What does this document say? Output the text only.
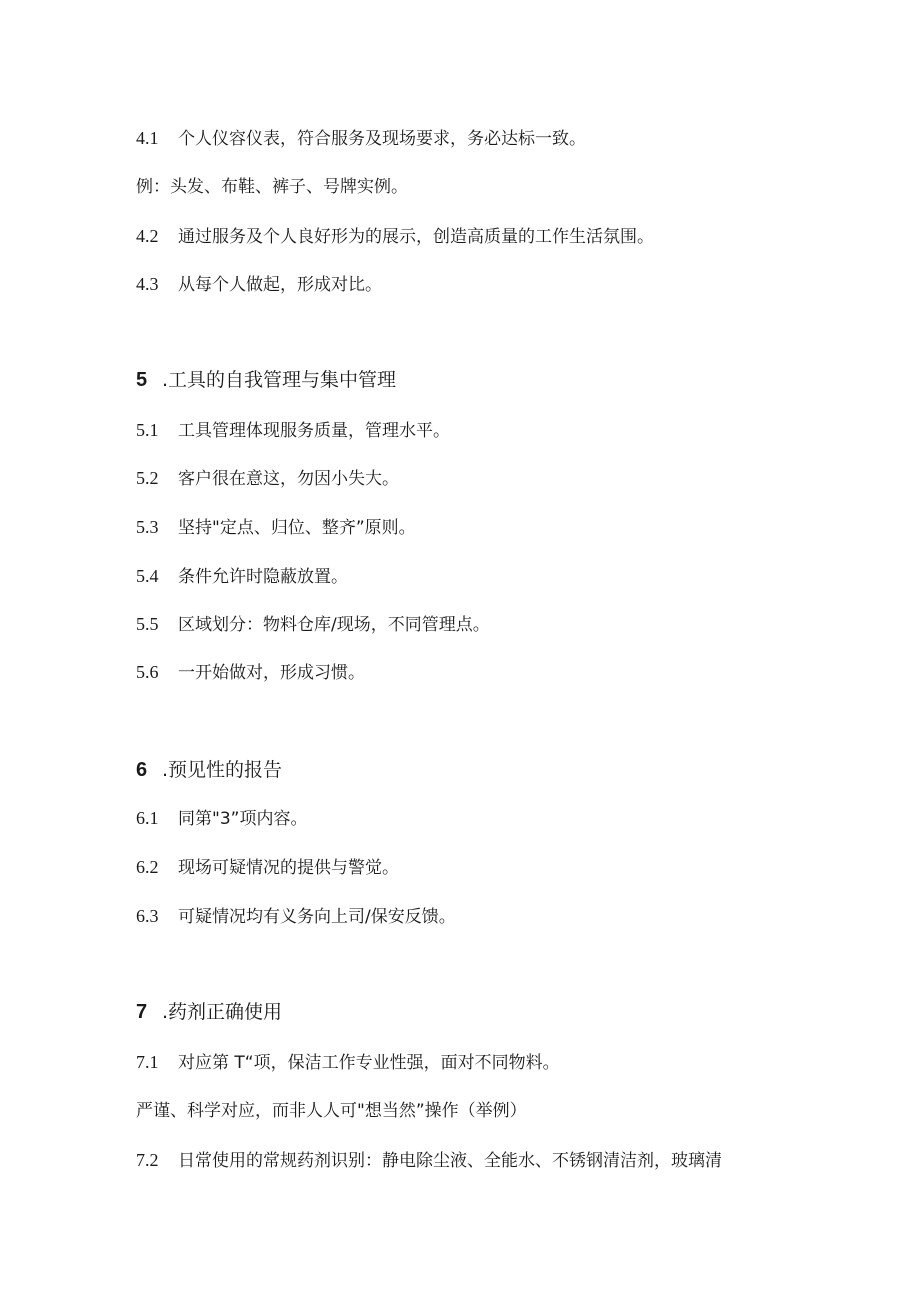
4.1 个人仪容仪表，符合服务及现场要求，务必达标一致。
例：头发、布鞋、裤子、号牌实例。
4.2 通过服务及个人良好形为的展示，创造高质量的工作生活氛围。
4.3 从每个人做起，形成对比。
5 .工具的自我管理与集中管理
5.1 工具管理体现服务质量，管理水平。
5.2 客户很在意这，勿因小失大。
5.3 坚持"定点、归位、整齐”原则。
5.4 条件允许时隐蔽放置。
5.5 区域划分：物料仓库/现场，不同管理点。
5.6 一开始做对，形成习惯。
6 .预见性的报告
6.1 同第"3”项内容。
6.2 现场可疑情况的提供与警觉。
6.3 可疑情况均有义务向上司/保安反馈。
7 .药剂正确使用
7.1 对应第 T“项，保洁工作专业性强，面对不同物料。
严谨、科学对应，而非人人可"想当然”操作（举例）
7.2 日常使用的常规药剂识别：静电除尘液、全能水、不锈钢清洁剂，玻璃清
